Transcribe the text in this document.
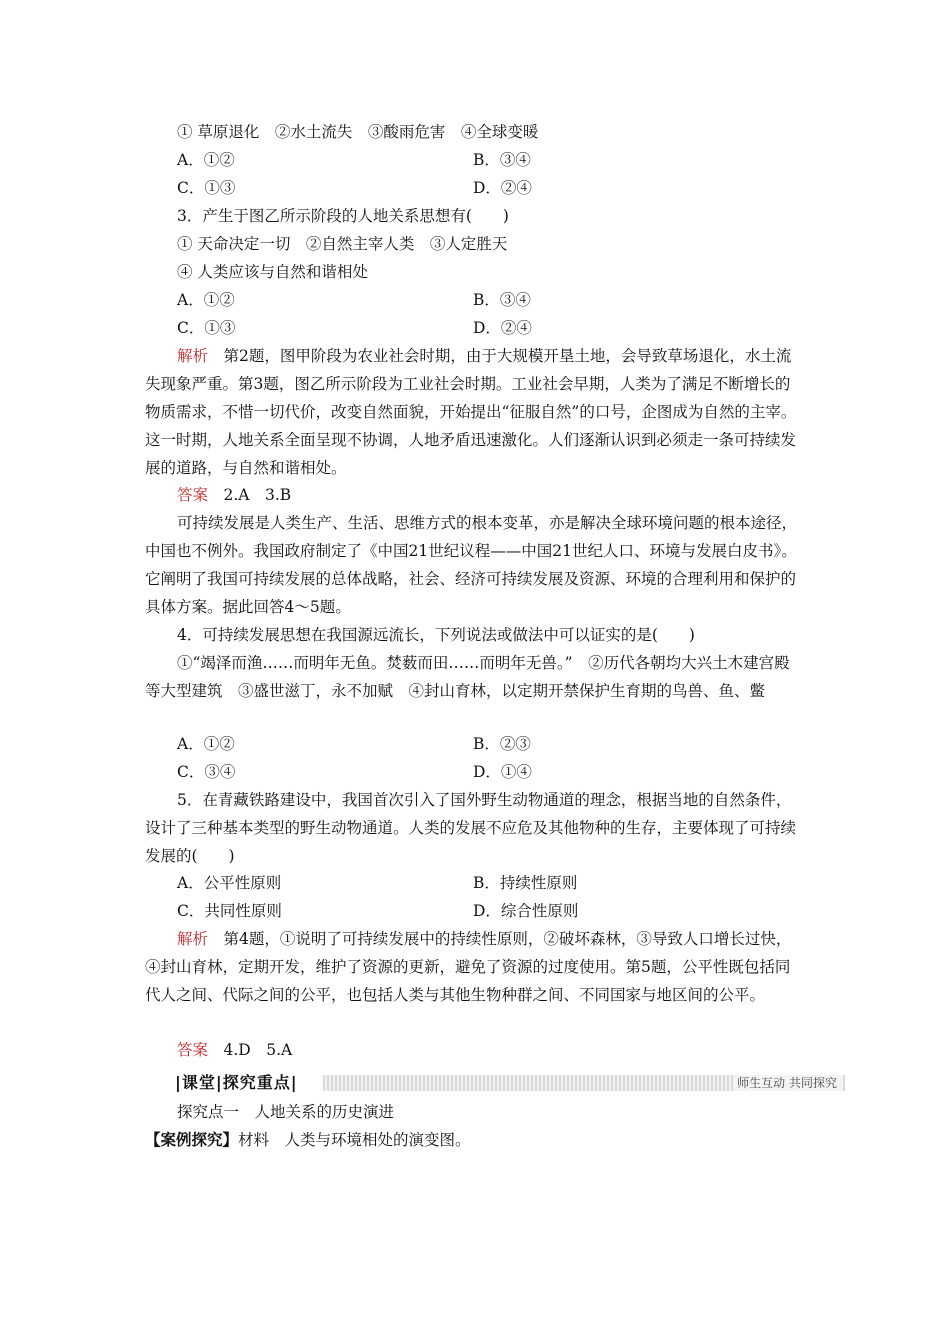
① 草原退化　②水土流失　③酸雨危害　④全球变暖
A．①②	B．③④
C．①③	D．②④
3．产生于图乙所示阶段的人地关系思想有(　　)
① 天命决定一切　②自然主宰人类　③人定胜天
④ 人类应该与自然和谐相处
A．①②	B．③④
C．①③	D．②④
解析　第2题，图甲阶段为农业社会时期，由于大规模开垦土地，会导致草场退化，水土流失现象严重。第3题，图乙所示阶段为工业社会时期。工业社会早期，人类为了满足不断增长的物质需求，不惜一切代价，改变自然面貌，开始提出“征服自然”的口号，企图成为自然的主宰。这一时期，人地关系全面呈现不协调，人地矛盾迅速激化。人们逐渐认识到必须走一条可持续发展的道路，与自然和谐相处。
答案　2.A　3.B
可持续发展是人类生产、生活、思维方式的根本变革，亦是解决全球环境问题的根本途径，中国也不例外。我国政府制定了《中国21世纪议程——中国21世纪人口、环境与发展白皮书》。它阐明了我国可持续发展的总体战略，社会、经济可持续发展及资源、环境的合理利用和保护的具体方案。据此回答4～5题。
4．可持续发展思想在我国源远流长，下列说法或做法中可以证实的是(　　)
①“竭泽而渔……而明年无鱼。焚薮而田……而明年无兽。”　②历代各朝均大兴土木建宫殿等大型建筑　③盛世滋丁，永不加赋　④封山育林，以定期开禁保护生育期的鸟兽、鱼、鳖
A．①②	B．②③
C．③④	D．①④
5．在青藏铁路建设中，我国首次引入了国外野生动物通道的理念，根据当地的自然条件，设计了三种基本类型的野生动物通道。人类的发展不应危及其他物种的生存，主要体现了可持续发展的(　　)
A．公平性原则	B．持续性原则
C．共同性原则	D．综合性原则
解析　第4题，①说明了可持续发展中的持续性原则，②破坏森林，③导致人口增长过快，④封山育林，定期开发，维护了资源的更新，避免了资源的过度使用。第5题，公平性既包括同代人之间、代际之间的公平，也包括人类与其他生物种群之间、不同国家与地区间的公平。
答案　4.D　5.A
|课堂|探究重点|	师生互动 共同探究
探究点一　人地关系的历史演进
【案例探究】材料　人类与环境相处的演变图。
